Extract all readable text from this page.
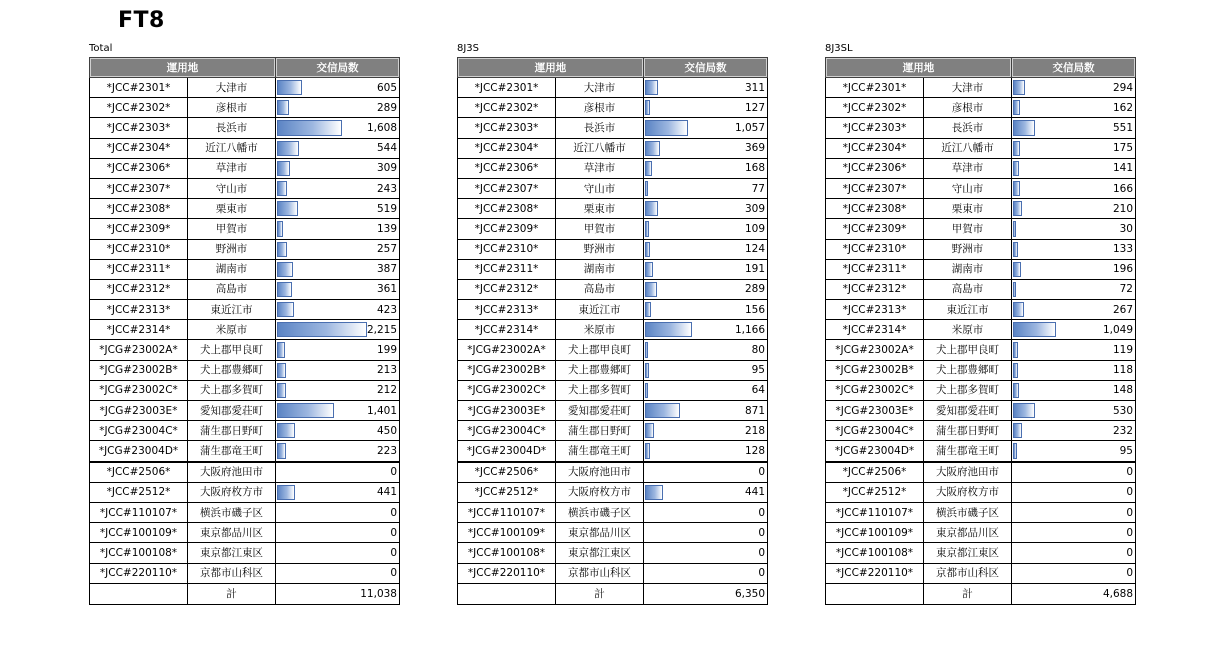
FT8
Total
運用地		交信局数
*JCC#2301*	大津市	605
*JCC#2302*	彦根市	289
*JCC#2303*	長浜市	1,608
*JCC#2304*	近江八幡市	544
*JCC#2306*	草津市	309
*JCC#2307*	守山市	243
*JCC#2308*	栗東市	519
*JCC#2309*	甲賀市	139
*JCC#2310*	野洲市	257
*JCC#2311*	湖南市	387
*JCC#2312*	高島市	361
*JCC#2313*	東近江市	423
*JCC#2314*	米原市	2,215
*JCG#23002A*	犬上郡甲良町	199
*JCG#23002B*	犬上郡豊郷町	213
*JCG#23002C*	犬上郡多賀町	212
*JCG#23003E*	愛知郡愛荘町	1,401
*JCG#23004C*	蒲生郡日野町	450
*JCG#23004D*	蒲生郡竜王町	223
*JCC#2506*	大阪府池田市	0
*JCC#2512*	大阪府枚方市	441
*JCC#110107*	横浜市磯子区	0
*JCC#100109*	東京都品川区	0
*JCC#100108*	東京都江東区	0
*JCC#220110*	京都市山科区	0
	計	11,038
8J3S
運用地		交信局数
*JCC#2301*	大津市	311
*JCC#2302*	彦根市	127
*JCC#2303*	長浜市	1,057
*JCC#2304*	近江八幡市	369
*JCC#2306*	草津市	168
*JCC#2307*	守山市	77
*JCC#2308*	栗東市	309
*JCC#2309*	甲賀市	109
*JCC#2310*	野洲市	124
*JCC#2311*	湖南市	191
*JCC#2312*	高島市	289
*JCC#2313*	東近江市	156
*JCC#2314*	米原市	1,166
*JCG#23002A*	犬上郡甲良町	80
*JCG#23002B*	犬上郡豊郷町	95
*JCG#23002C*	犬上郡多賀町	64
*JCG#23003E*	愛知郡愛荘町	871
*JCG#23004C*	蒲生郡日野町	218
*JCG#23004D*	蒲生郡竜王町	128
*JCC#2506*	大阪府池田市	0
*JCC#2512*	大阪府枚方市	441
*JCC#110107*	横浜市磯子区	0
*JCC#100109*	東京都品川区	0
*JCC#100108*	東京都江東区	0
*JCC#220110*	京都市山科区	0
	計	6,350
8J3SL
運用地		交信局数
*JCC#2301*	大津市	294
*JCC#2302*	彦根市	162
*JCC#2303*	長浜市	551
*JCC#2304*	近江八幡市	175
*JCC#2306*	草津市	141
*JCC#2307*	守山市	166
*JCC#2308*	栗東市	210
*JCC#2309*	甲賀市	30
*JCC#2310*	野洲市	133
*JCC#2311*	湖南市	196
*JCC#2312*	高島市	72
*JCC#2313*	東近江市	267
*JCC#2314*	米原市	1,049
*JCG#23002A*	犬上郡甲良町	119
*JCG#23002B*	犬上郡豊郷町	118
*JCG#23002C*	犬上郡多賀町	148
*JCG#23003E*	愛知郡愛荘町	530
*JCG#23004C*	蒲生郡日野町	232
*JCG#23004D*	蒲生郡竜王町	95
*JCC#2506*	大阪府池田市	0
*JCC#2512*	大阪府枚方市	0
*JCC#110107*	横浜市磯子区	0
*JCC#100109*	東京都品川区	0
*JCC#100108*	東京都江東区	0
*JCC#220110*	京都市山科区	0
	計	4,688
